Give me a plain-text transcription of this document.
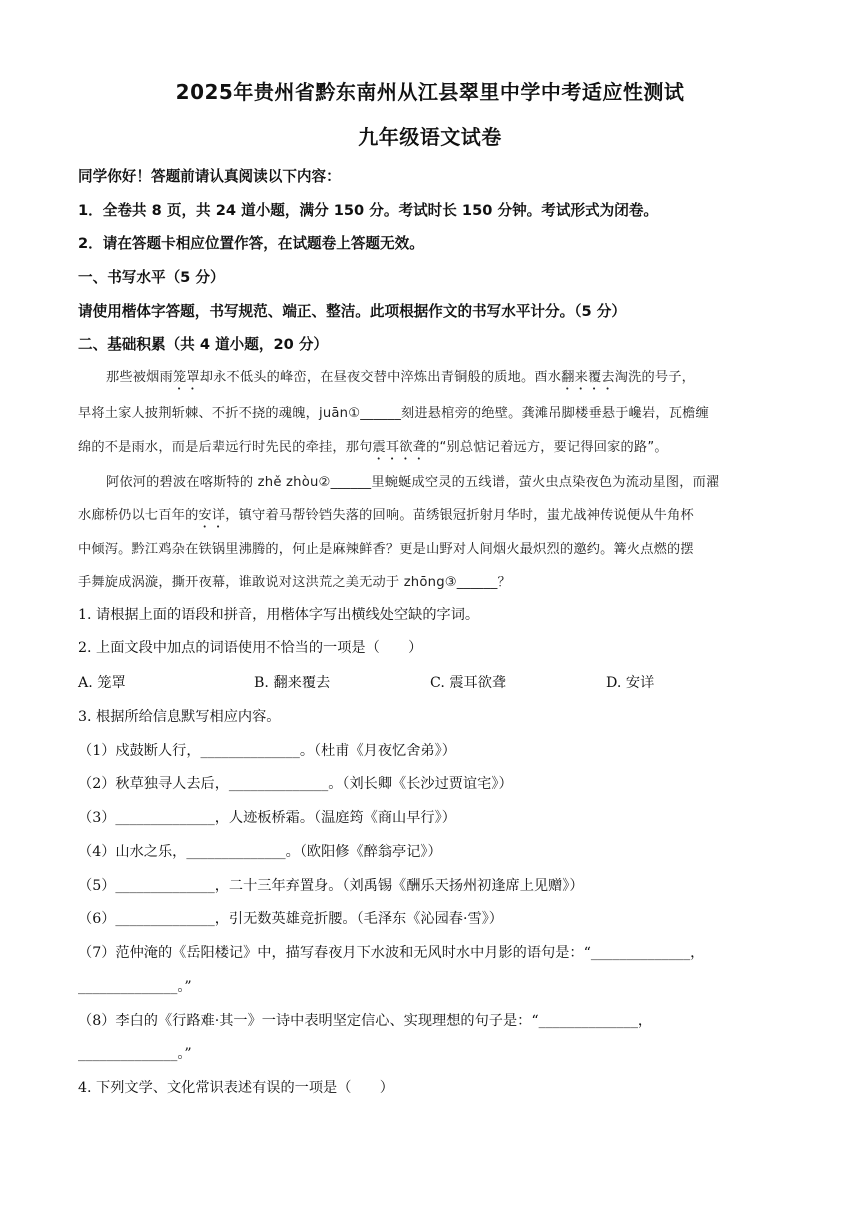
2025年贵州省黔东南州从江县翠里中学中考适应性测试
九年级语文试卷
同学你好！答题前请认真阅读以下内容：
1．全卷共 8 页，共 24 道小题，满分 150 分。考试时长 150 分钟。考试形式为闭卷。
2．请在答题卡相应位置作答，在试题卷上答题无效。
一、书写水平（5 分）
请使用楷体字答题，书写规范、端正、整洁。此项根据作文的书写水平计分。（5 分）
二、基础积累（共 4 道小题，20 分）
那些被烟雨笼罩却永不低头的峰峦，在昼夜交替中淬炼出青铜般的质地。酉水翻来覆去淘洗的号子，
早将土家人披荆斩棘、不折不挠的魂魄，juān①______刻进悬棺旁的绝壁。龚滩吊脚楼垂悬于巉岩，瓦檐缠
绵的不是雨水，而是后辈远行时先民的牵挂，那句震耳欲聋的“别总惦记着远方，要记得回家的路”。
阿依河的碧波在喀斯特的 zhě zhòu②______里蜿蜒成空灵的五线谱，萤火虫点染夜色为流动星图，而濯
水廊桥仍以七百年的安详，镇守着马帮铃铛失落的回响。苗绣银冠折射月华时，蚩尤战神传说便从牛角杯
中倾泻。黔江鸡杂在铁锅里沸腾的，何止是麻辣鲜香？更是山野对人间烟火最炽烈的邀约。篝火点燃的摆
手舞旋成涡漩，撕开夜幕，谁敢说对这洪荒之美无动于 zhōng③______？
1. 请根据上面的语段和拼音，用楷体字写出横线处空缺的字词。
2. 上面文段中加点的词语使用不恰当的一项是（　　）
A. 笼罩	B. 翻来覆去	C. 震耳欲聋	D. 安详
3. 根据所给信息默写相应内容。
（1）戍鼓断人行，______________。（杜甫《月夜忆舍弟》）
（2）秋草独寻人去后，______________。（刘长卿《长沙过贾谊宅》）
（3）______________，人迹板桥霜。（温庭筠《商山早行》）
（4）山水之乐，______________。（欧阳修《醉翁亭记》）
（5）______________，二十三年弃置身。（刘禹锡《酬乐天扬州初逢席上见赠》）
（6）______________，引无数英雄竞折腰。（毛泽东《沁园春·雪》）
（7）范仲淹的《岳阳楼记》中，描写春夜月下水波和无风时水中月影的语句是：“______________，
______________。”
（8）李白的《行路难·其一》一诗中表明坚定信心、实现理想的句子是：“______________，
______________。”
4. 下列文学、文化常识表述有误的一项是（　　）
